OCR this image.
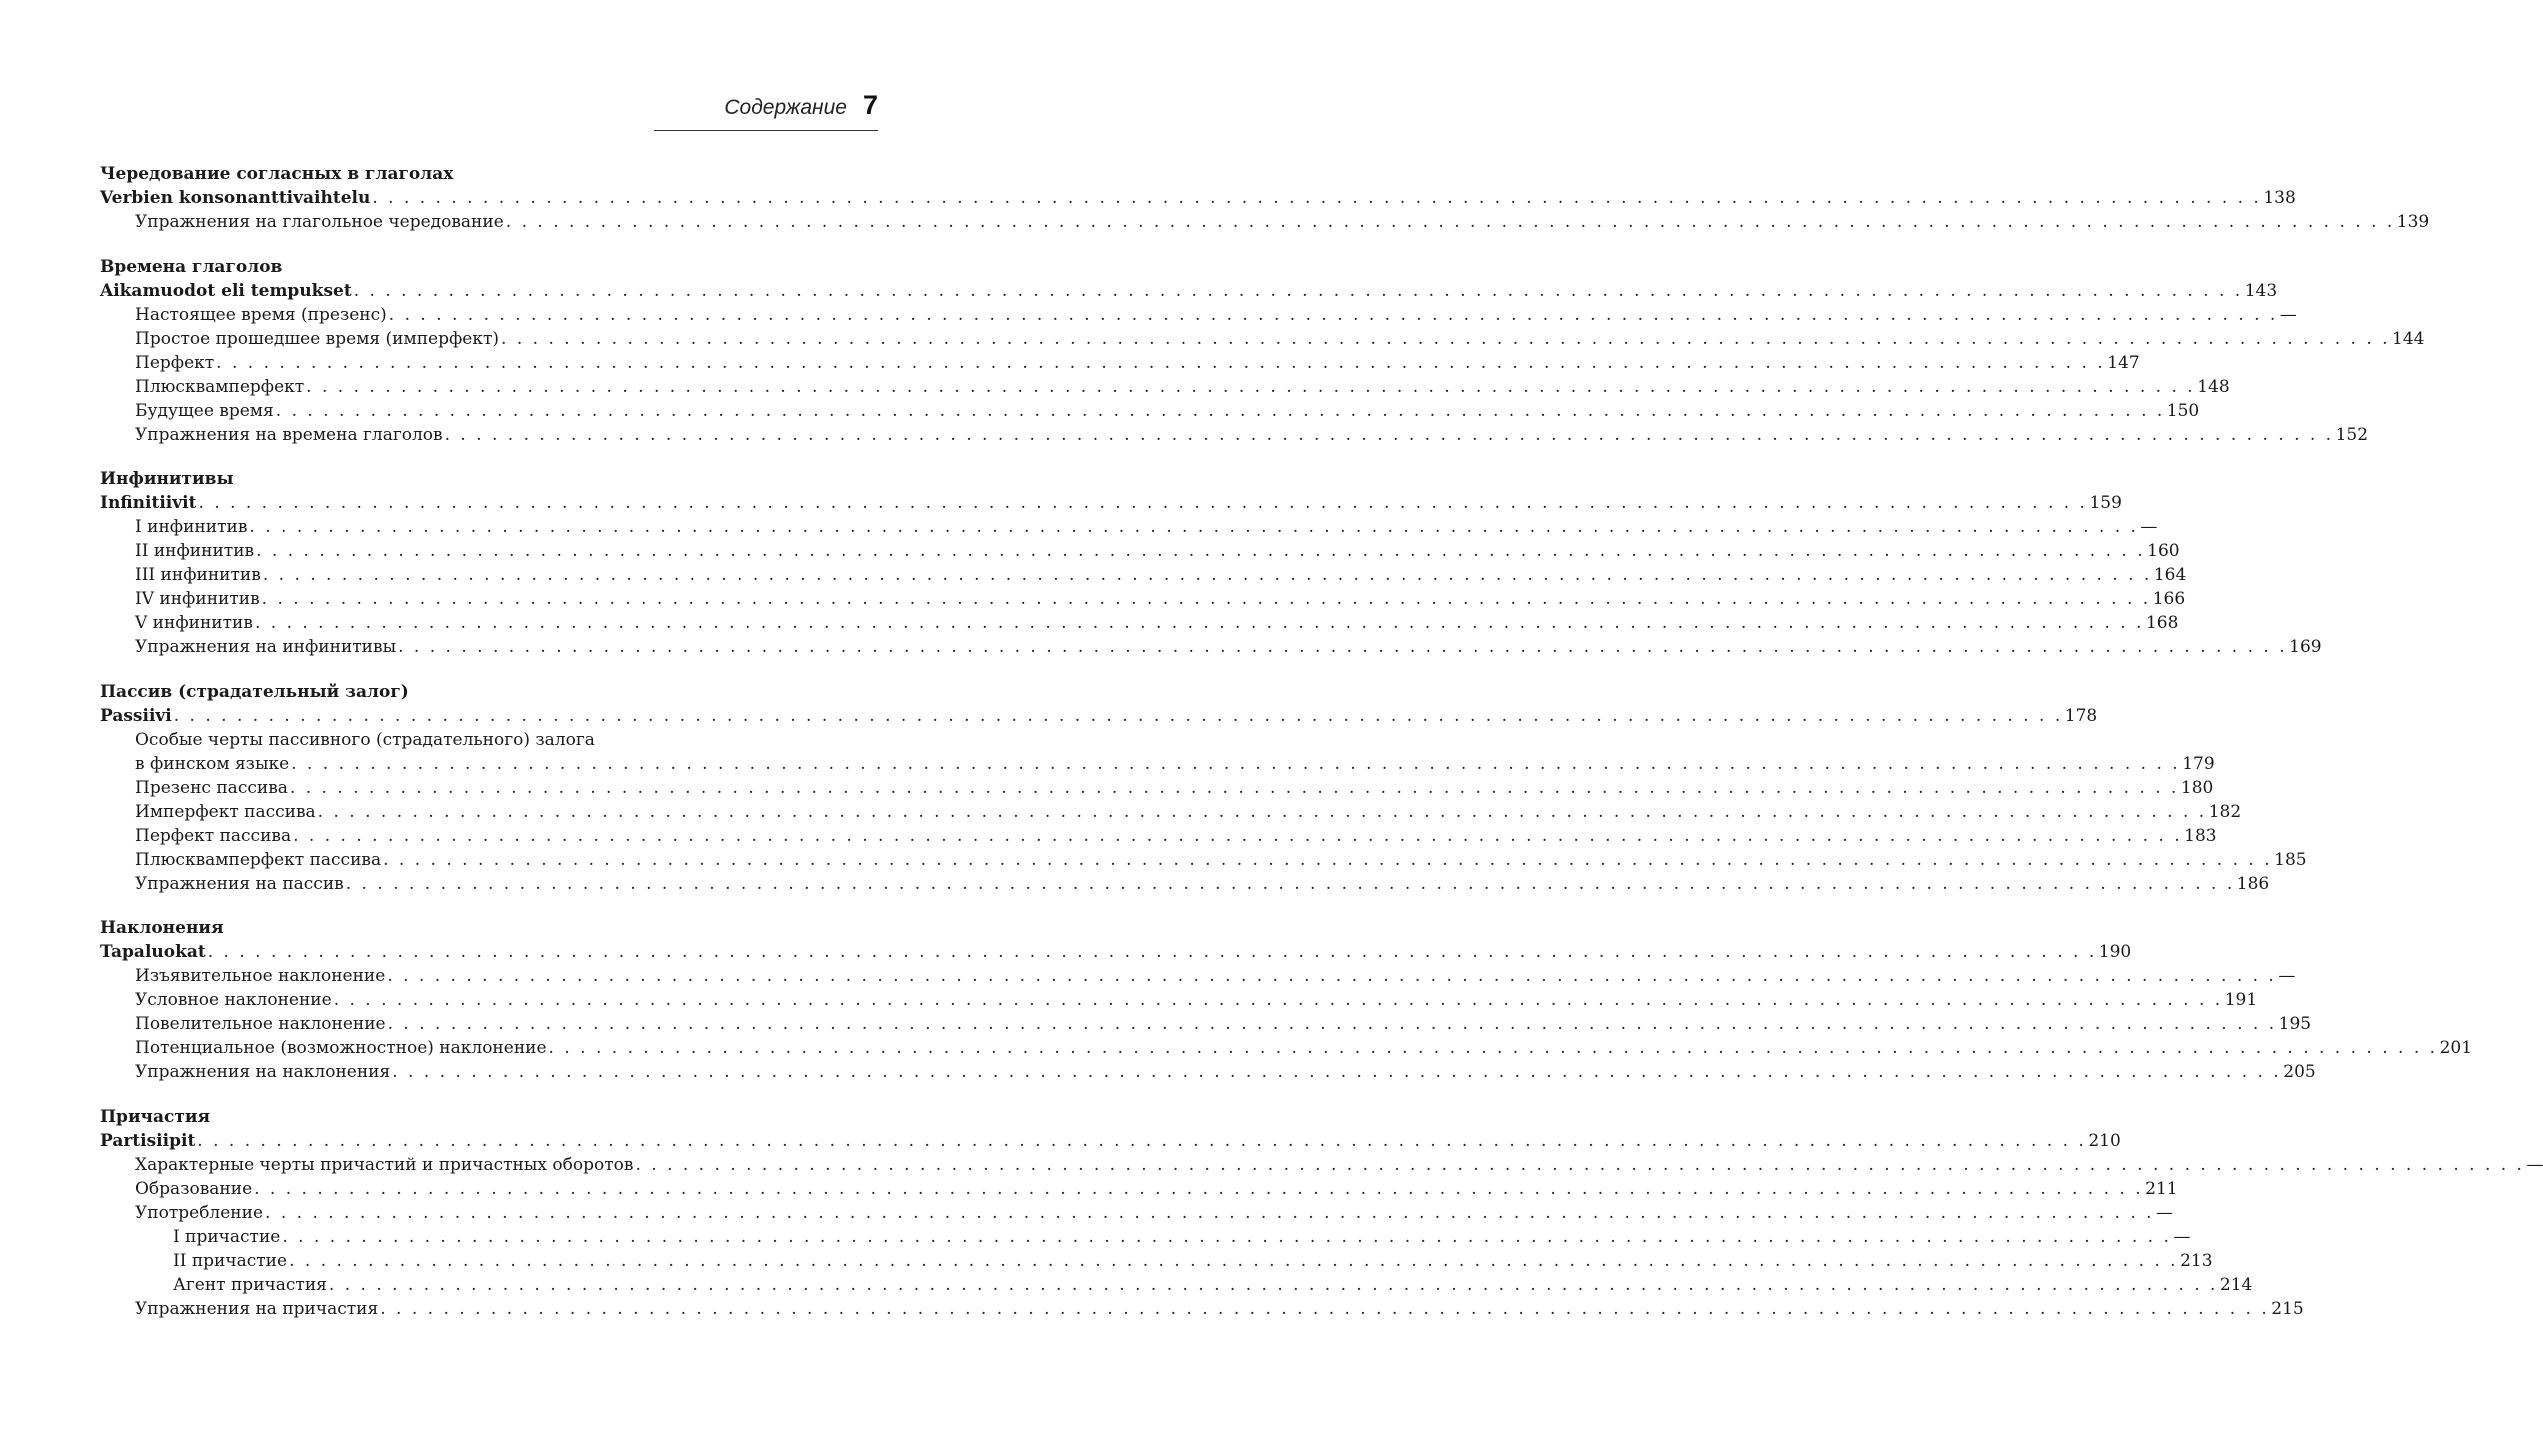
Содержание 7
Чередование согласных в глаголах
Verbien konsonanttivaihtelu . . . . . . . . . . . . . . . . . . . . . . . . . . . . . . . . . . . . . . . . . . . . . . . . . . . . . . . . . . . . . . . . . . . . . . . . . . . . . . . . . . . . . . . . . . . . . . . . . . . . . . . . . . . . . . . . . . . . . . . . 138
Упражнения на глагольное чередование . . . . . . . . . . . . . . . . . . . . . . . . . . . . . . . . . . . . . . . . . . . . . . . . . . . . . . . . . . . . . . . . . . . . . . . . . . . . . . . . . . . . . . . . . . . . . . . . . . . . . . . . . . . . . . . . . . . . . . . . 139
Времена глаголов
Aikamuodot eli tempukset . . . . . . . . . . . . . . . . . . . . . . . . . . . . . . . . . . . . . . . . . . . . . . . . . . . . . . . . . . . . . . . . . . . . . . . . . . . . . . . . . . . . . . . . . . . . . . . . . . . . . . . . . . . . . . . . . . . . . . . . 143
Настоящее время (презенс) . . . . . . . . . . . . . . . . . . . . . . . . . . . . . . . . . . . . . . . . . . . . . . . . . . . . . . . . . . . . . . . . . . . . . . . . . . . . . . . . . . . . . . . . . . . . . . . . . . . . . . . . . . . . . . . . . . . . . . . . —
Простое прошедшее время (имперфект) . . . . . . . . . . . . . . . . . . . . . . . . . . . . . . . . . . . . . . . . . . . . . . . . . . . . . . . . . . . . . . . . . . . . . . . . . . . . . . . . . . . . . . . . . . . . . . . . . . . . . . . . . . . . . . . . . . . . . . . . 144
Перфект . . . . . . . . . . . . . . . . . . . . . . . . . . . . . . . . . . . . . . . . . . . . . . . . . . . . . . . . . . . . . . . . . . . . . . . . . . . . . . . . . . . . . . . . . . . . . . . . . . . . . . . . . . . . . . . . . . . . . . . . 147
Плюсквамперфект . . . . . . . . . . . . . . . . . . . . . . . . . . . . . . . . . . . . . . . . . . . . . . . . . . . . . . . . . . . . . . . . . . . . . . . . . . . . . . . . . . . . . . . . . . . . . . . . . . . . . . . . . . . . . . . . . . . . . . . . 148
Будущее время . . . . . . . . . . . . . . . . . . . . . . . . . . . . . . . . . . . . . . . . . . . . . . . . . . . . . . . . . . . . . . . . . . . . . . . . . . . . . . . . . . . . . . . . . . . . . . . . . . . . . . . . . . . . . . . . . . . . . . . . 150
Упражнения на времена глаголов . . . . . . . . . . . . . . . . . . . . . . . . . . . . . . . . . . . . . . . . . . . . . . . . . . . . . . . . . . . . . . . . . . . . . . . . . . . . . . . . . . . . . . . . . . . . . . . . . . . . . . . . . . . . . . . . . . . . . . . . 152
Инфинитивы
Infinitiivit . . . . . . . . . . . . . . . . . . . . . . . . . . . . . . . . . . . . . . . . . . . . . . . . . . . . . . . . . . . . . . . . . . . . . . . . . . . . . . . . . . . . . . . . . . . . . . . . . . . . . . . . . . . . . . . . . . . . . . . . 159
I инфинитив . . . . . . . . . . . . . . . . . . . . . . . . . . . . . . . . . . . . . . . . . . . . . . . . . . . . . . . . . . . . . . . . . . . . . . . . . . . . . . . . . . . . . . . . . . . . . . . . . . . . . . . . . . . . . . . . . . . . . . . . —
II инфинитив . . . . . . . . . . . . . . . . . . . . . . . . . . . . . . . . . . . . . . . . . . . . . . . . . . . . . . . . . . . . . . . . . . . . . . . . . . . . . . . . . . . . . . . . . . . . . . . . . . . . . . . . . . . . . . . . . . . . . . . . 160
III инфинитив . . . . . . . . . . . . . . . . . . . . . . . . . . . . . . . . . . . . . . . . . . . . . . . . . . . . . . . . . . . . . . . . . . . . . . . . . . . . . . . . . . . . . . . . . . . . . . . . . . . . . . . . . . . . . . . . . . . . . . . . 164
IV инфинитив . . . . . . . . . . . . . . . . . . . . . . . . . . . . . . . . . . . . . . . . . . . . . . . . . . . . . . . . . . . . . . . . . . . . . . . . . . . . . . . . . . . . . . . . . . . . . . . . . . . . . . . . . . . . . . . . . . . . . . . . 166
V инфинитив . . . . . . . . . . . . . . . . . . . . . . . . . . . . . . . . . . . . . . . . . . . . . . . . . . . . . . . . . . . . . . . . . . . . . . . . . . . . . . . . . . . . . . . . . . . . . . . . . . . . . . . . . . . . . . . . . . . . . . . . 168
Упражнения на инфинитивы . . . . . . . . . . . . . . . . . . . . . . . . . . . . . . . . . . . . . . . . . . . . . . . . . . . . . . . . . . . . . . . . . . . . . . . . . . . . . . . . . . . . . . . . . . . . . . . . . . . . . . . . . . . . . . . . . . . . . . . . 169
Пассив (страдательный залог)
Passiivi . . . . . . . . . . . . . . . . . . . . . . . . . . . . . . . . . . . . . . . . . . . . . . . . . . . . . . . . . . . . . . . . . . . . . . . . . . . . . . . . . . . . . . . . . . . . . . . . . . . . . . . . . . . . . . . . . . . . . . . . 178
Особые черты пассивного (страдательного) залога
в финском языке . . . . . . . . . . . . . . . . . . . . . . . . . . . . . . . . . . . . . . . . . . . . . . . . . . . . . . . . . . . . . . . . . . . . . . . . . . . . . . . . . . . . . . . . . . . . . . . . . . . . . . . . . . . . . . . . . . . . . . . . 179
Презенс пассива . . . . . . . . . . . . . . . . . . . . . . . . . . . . . . . . . . . . . . . . . . . . . . . . . . . . . . . . . . . . . . . . . . . . . . . . . . . . . . . . . . . . . . . . . . . . . . . . . . . . . . . . . . . . . . . . . . . . . . . . 180
Имперфект пассива . . . . . . . . . . . . . . . . . . . . . . . . . . . . . . . . . . . . . . . . . . . . . . . . . . . . . . . . . . . . . . . . . . . . . . . . . . . . . . . . . . . . . . . . . . . . . . . . . . . . . . . . . . . . . . . . . . . . . . . . 182
Перфект пассива . . . . . . . . . . . . . . . . . . . . . . . . . . . . . . . . . . . . . . . . . . . . . . . . . . . . . . . . . . . . . . . . . . . . . . . . . . . . . . . . . . . . . . . . . . . . . . . . . . . . . . . . . . . . . . . . . . . . . . . . 183
Плюсквамперфект пассива . . . . . . . . . . . . . . . . . . . . . . . . . . . . . . . . . . . . . . . . . . . . . . . . . . . . . . . . . . . . . . . . . . . . . . . . . . . . . . . . . . . . . . . . . . . . . . . . . . . . . . . . . . . . . . . . . . . . . . . . 185
Упражнения на пассив . . . . . . . . . . . . . . . . . . . . . . . . . . . . . . . . . . . . . . . . . . . . . . . . . . . . . . . . . . . . . . . . . . . . . . . . . . . . . . . . . . . . . . . . . . . . . . . . . . . . . . . . . . . . . . . . . . . . . . . . 186
Наклонения
Tapaluokat . . . . . . . . . . . . . . . . . . . . . . . . . . . . . . . . . . . . . . . . . . . . . . . . . . . . . . . . . . . . . . . . . . . . . . . . . . . . . . . . . . . . . . . . . . . . . . . . . . . . . . . . . . . . . . . . . . . . . . . . 190
Изъявительное наклонение . . . . . . . . . . . . . . . . . . . . . . . . . . . . . . . . . . . . . . . . . . . . . . . . . . . . . . . . . . . . . . . . . . . . . . . . . . . . . . . . . . . . . . . . . . . . . . . . . . . . . . . . . . . . . . . . . . . . . . . . —
Условное наклонение . . . . . . . . . . . . . . . . . . . . . . . . . . . . . . . . . . . . . . . . . . . . . . . . . . . . . . . . . . . . . . . . . . . . . . . . . . . . . . . . . . . . . . . . . . . . . . . . . . . . . . . . . . . . . . . . . . . . . . . . 191
Повелительное наклонение . . . . . . . . . . . . . . . . . . . . . . . . . . . . . . . . . . . . . . . . . . . . . . . . . . . . . . . . . . . . . . . . . . . . . . . . . . . . . . . . . . . . . . . . . . . . . . . . . . . . . . . . . . . . . . . . . . . . . . . . 195
Потенциальное (возможностное) наклонение . . . . . . . . . . . . . . . . . . . . . . . . . . . . . . . . . . . . . . . . . . . . . . . . . . . . . . . . . . . . . . . . . . . . . . . . . . . . . . . . . . . . . . . . . . . . . . . . . . . . . . . . . . . . . . . . . . . . . . . . 201
Упражнения на наклонения . . . . . . . . . . . . . . . . . . . . . . . . . . . . . . . . . . . . . . . . . . . . . . . . . . . . . . . . . . . . . . . . . . . . . . . . . . . . . . . . . . . . . . . . . . . . . . . . . . . . . . . . . . . . . . . . . . . . . . . . 205
Причастия
Partisiipit . . . . . . . . . . . . . . . . . . . . . . . . . . . . . . . . . . . . . . . . . . . . . . . . . . . . . . . . . . . . . . . . . . . . . . . . . . . . . . . . . . . . . . . . . . . . . . . . . . . . . . . . . . . . . . . . . . . . . . . . 210
Характерные черты причастий и причастных оборотов . . . . . . . . . . . . . . . . . . . . . . . . . . . . . . . . . . . . . . . . . . . . . . . . . . . . . . . . . . . . . . . . . . . . . . . . . . . . . . . . . . . . . . . . . . . . . . . . . . . . . . . . . . . . . . . . . . . . . . . . —
Образование . . . . . . . . . . . . . . . . . . . . . . . . . . . . . . . . . . . . . . . . . . . . . . . . . . . . . . . . . . . . . . . . . . . . . . . . . . . . . . . . . . . . . . . . . . . . . . . . . . . . . . . . . . . . . . . . . . . . . . . . 211
Употребление . . . . . . . . . . . . . . . . . . . . . . . . . . . . . . . . . . . . . . . . . . . . . . . . . . . . . . . . . . . . . . . . . . . . . . . . . . . . . . . . . . . . . . . . . . . . . . . . . . . . . . . . . . . . . . . . . . . . . . . . —
I причастие . . . . . . . . . . . . . . . . . . . . . . . . . . . . . . . . . . . . . . . . . . . . . . . . . . . . . . . . . . . . . . . . . . . . . . . . . . . . . . . . . . . . . . . . . . . . . . . . . . . . . . . . . . . . . . . . . . . . . . . . —
II причастие . . . . . . . . . . . . . . . . . . . . . . . . . . . . . . . . . . . . . . . . . . . . . . . . . . . . . . . . . . . . . . . . . . . . . . . . . . . . . . . . . . . . . . . . . . . . . . . . . . . . . . . . . . . . . . . . . . . . . . . . 213
Агент причастия . . . . . . . . . . . . . . . . . . . . . . . . . . . . . . . . . . . . . . . . . . . . . . . . . . . . . . . . . . . . . . . . . . . . . . . . . . . . . . . . . . . . . . . . . . . . . . . . . . . . . . . . . . . . . . . . . . . . . . . . 214
Упражнения на причастия . . . . . . . . . . . . . . . . . . . . . . . . . . . . . . . . . . . . . . . . . . . . . . . . . . . . . . . . . . . . . . . . . . . . . . . . . . . . . . . . . . . . . . . . . . . . . . . . . . . . . . . . . . . . . . . . . . . . . . . . 215
